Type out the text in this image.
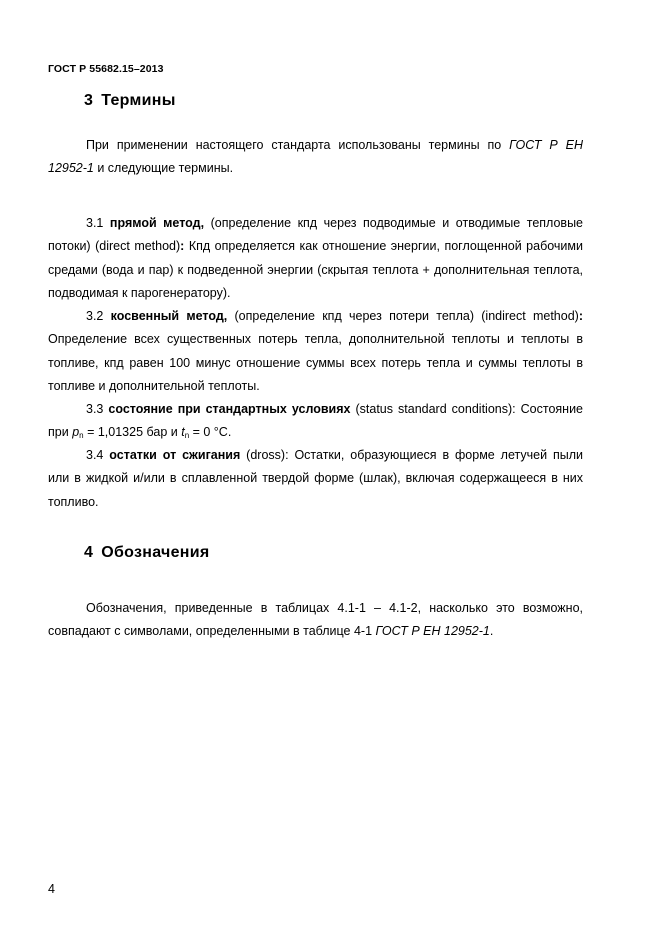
ГОСТ Р 55682.15–2013
3 Термины

При применении настоящего стандарта использованы термины по ГОСТ Р ЕН 12952-1 и следующие термины.

3.1 прямой метод, (определение кпд через подводимые и отводимые тепловые потоки) (direct method): Кпд определяется как отношение энергии, поглощенной рабочими средами (вода и пар) к подведенной энергии (скрытая теплота + дополнительная теплота, подводимая к парогенератору).

3.2 косвенный метод, (определение кпд через потери тепла) (indirect method): Определение всех существенных потерь тепла, дополнительной теплоты и теплоты в топливе, кпд равен 100 минус отношение суммы всех потерь тепла и суммы теплоты в топливе и дополнительной теплоты.

3.3 состояние при стандартных условиях (status standard conditions): Состояние при $p_n = 1,01325$ бар и $t_n = 0$ °С.

3.4 остатки от сжигания (dross): Остатки, образующиеся в форме летучей пыли или в жидкой и/или в сплавленной твердой форме (шлак), включая содержащееся в них топливо.

4 Обозначения

Обозначения, приведенные в таблицах 4.1-1 – 4.1-2, насколько это возможно, совпадают с символами, определенными в таблице 4-1 ГОСТ Р ЕН 12952-1.

4
